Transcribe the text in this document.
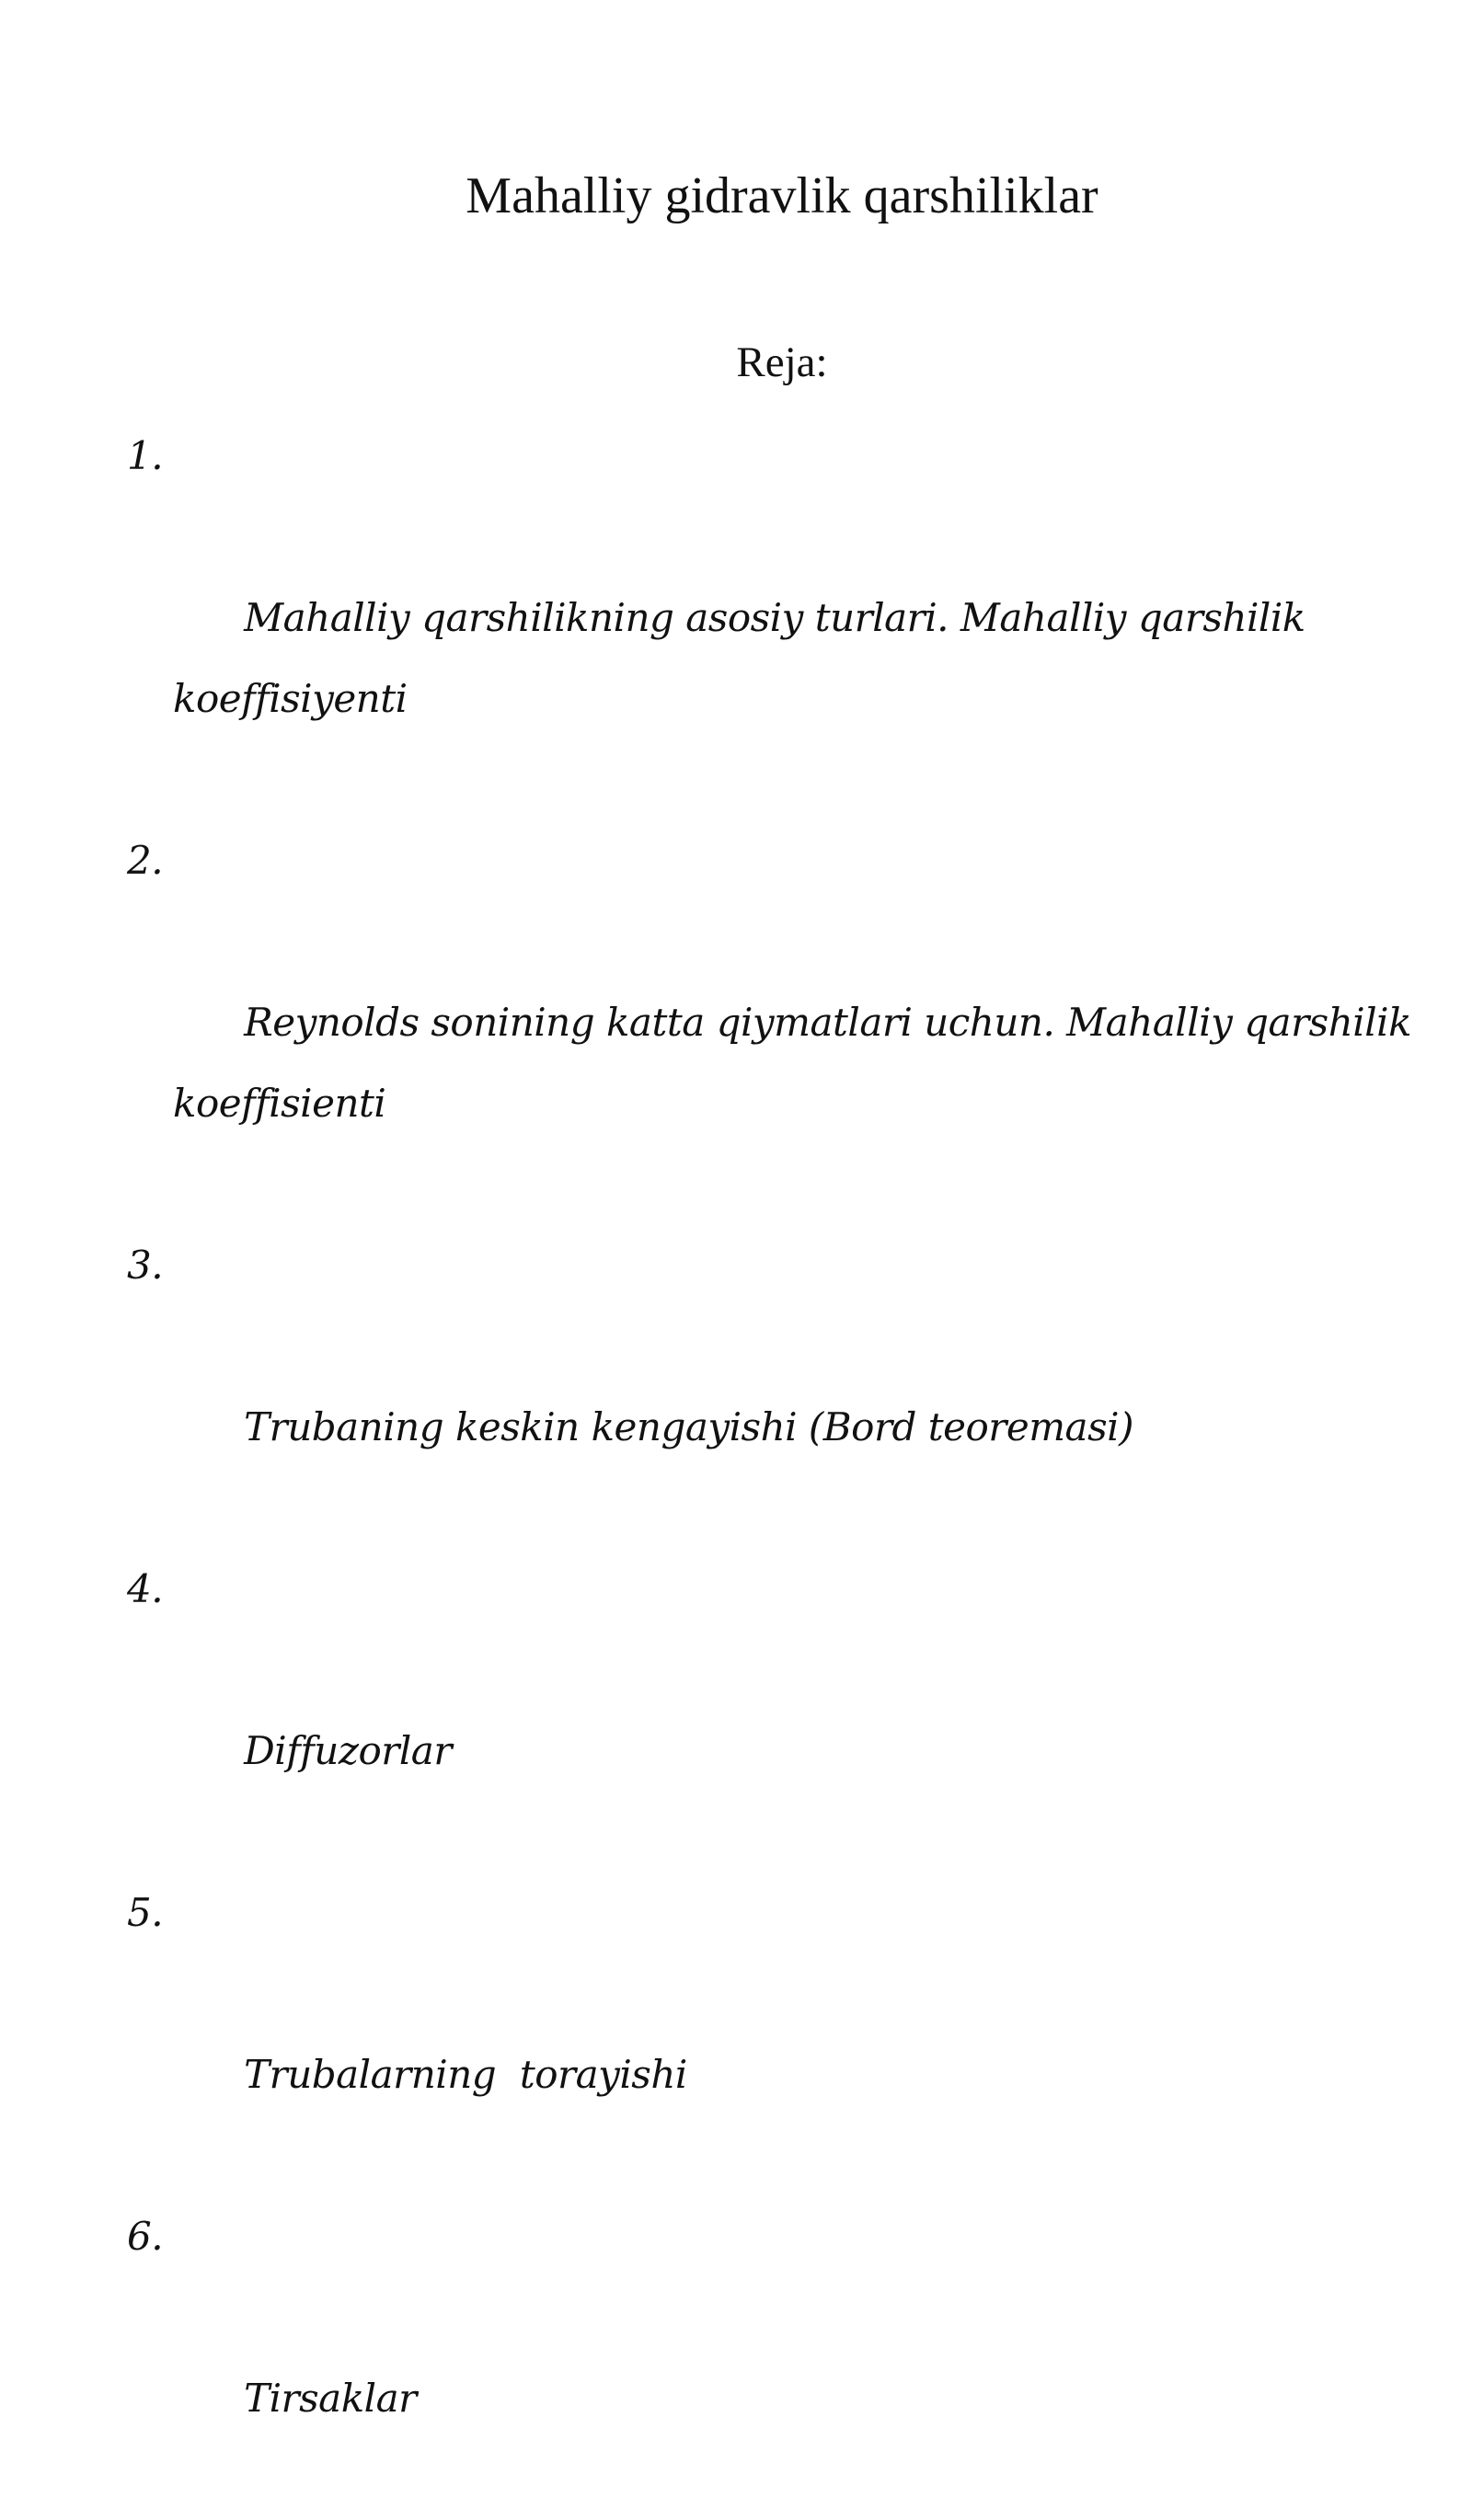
Mahalliy gidravlik qarshiliklar
Reja:

1 .

Mahalliy qarshilikning asosiy turlari. Mahalliy qarshilik koeffisiyenti

2 .

Reynolds sonining katta qiymatlari uchun. Mahalliy qarshilik koeffisienti

3 .

Trubaning keskin kengayishi (Bord teoremasi)

4 .

Diffuzorlar

5 .

Trubalarning  torayishi

6 .

Tirsaklar
